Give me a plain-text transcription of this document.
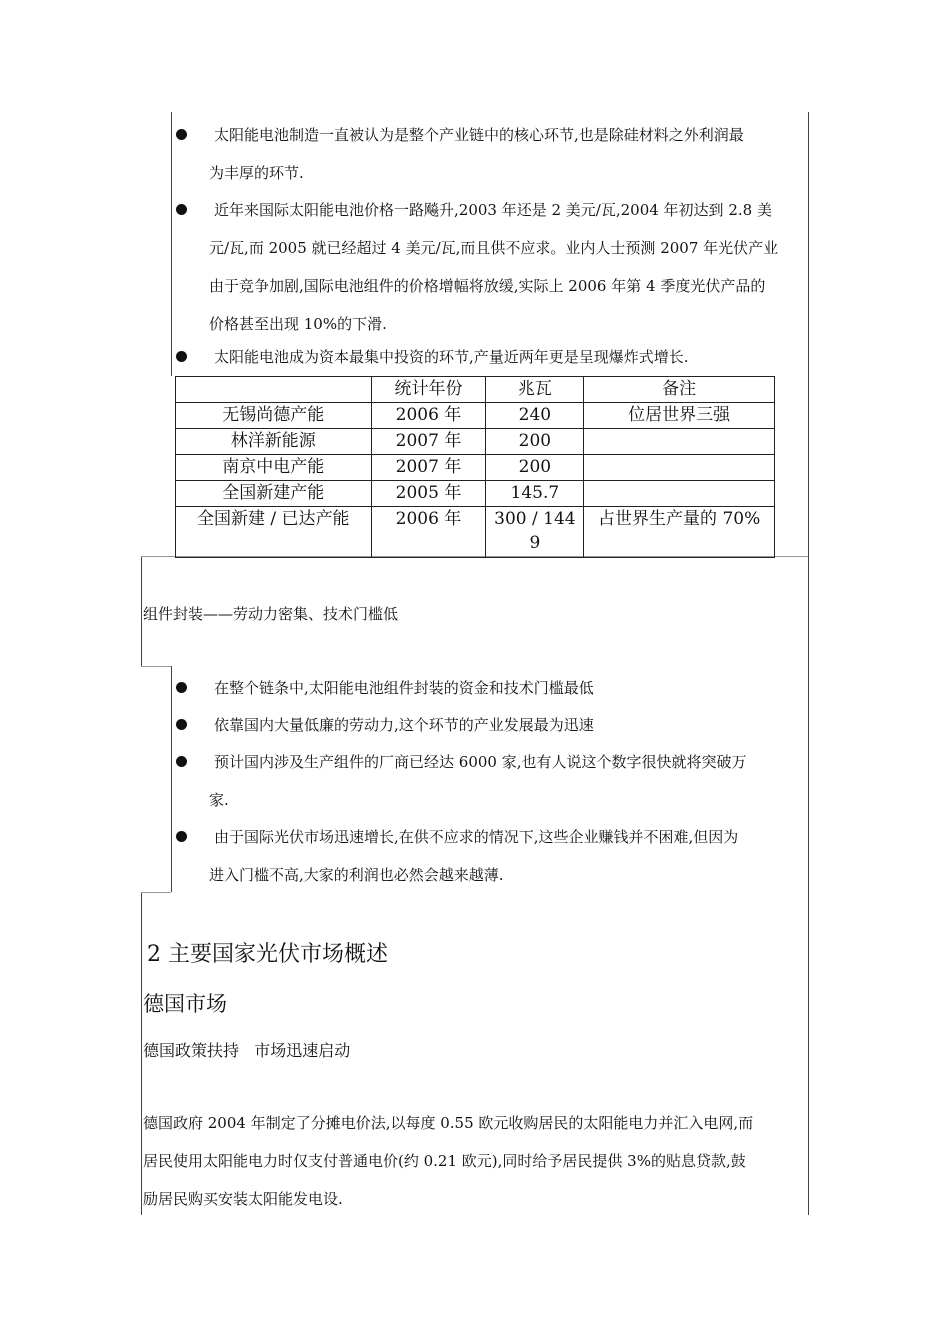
太阳能电池制造一直被认为是整个产业链中的核心环节,也是除硅材料之外利润最
为丰厚的环节.
近年来国际太阳能电池价格一路飚升,2003 年还是 2 美元/瓦,2004 年初达到 2.8 美
元/瓦,而 2005 就已经超过 4 美元/瓦,而且供不应求。业内人士预测 2007 年光伏产业
由于竞争加剧,国际电池组件的价格增幅将放缓,实际上 2006 年第 4 季度光伏产品的
价格甚至出现 10%的下滑.
太阳能电池成为资本最集中投资的环节,产量近两年更是呈现爆炸式增长.
	统计年份	兆瓦	备注
无锡尚德产能	2006 年	240	位居世界三强
林洋新能源	2007 年	200	
南京中电产能	2007 年	200	
全国新建产能	2005 年	145.7	
全国新建 / 已达产能	2006 年	300 / 1449	占世界生产量的 70%
组件封装——劳动力密集、技术门槛低
在整个链条中,太阳能电池组件封装的资金和技术门槛最低
依靠国内大量低廉的劳动力,这个环节的产业发展最为迅速
预计国内涉及生产组件的厂商已经达 6000 家,也有人说这个数字很快就将突破万
家.
由于国际光伏市场迅速增长,在供不应求的情况下,这些企业赚钱并不困难,但因为
进入门槛不高,大家的利润也必然会越来越薄.
2 主要国家光伏市场概述
德国市场
德国政策扶持   市场迅速启动
德国政府 2004 年制定了分摊电价法,以每度 0.55 欧元收购居民的太阳能电力并汇入电网,而
居民使用太阳能电力时仅支付普通电价(约 0.21 欧元),同时给予居民提供 3%的贴息贷款,鼓
励居民购买安装太阳能发电设.
